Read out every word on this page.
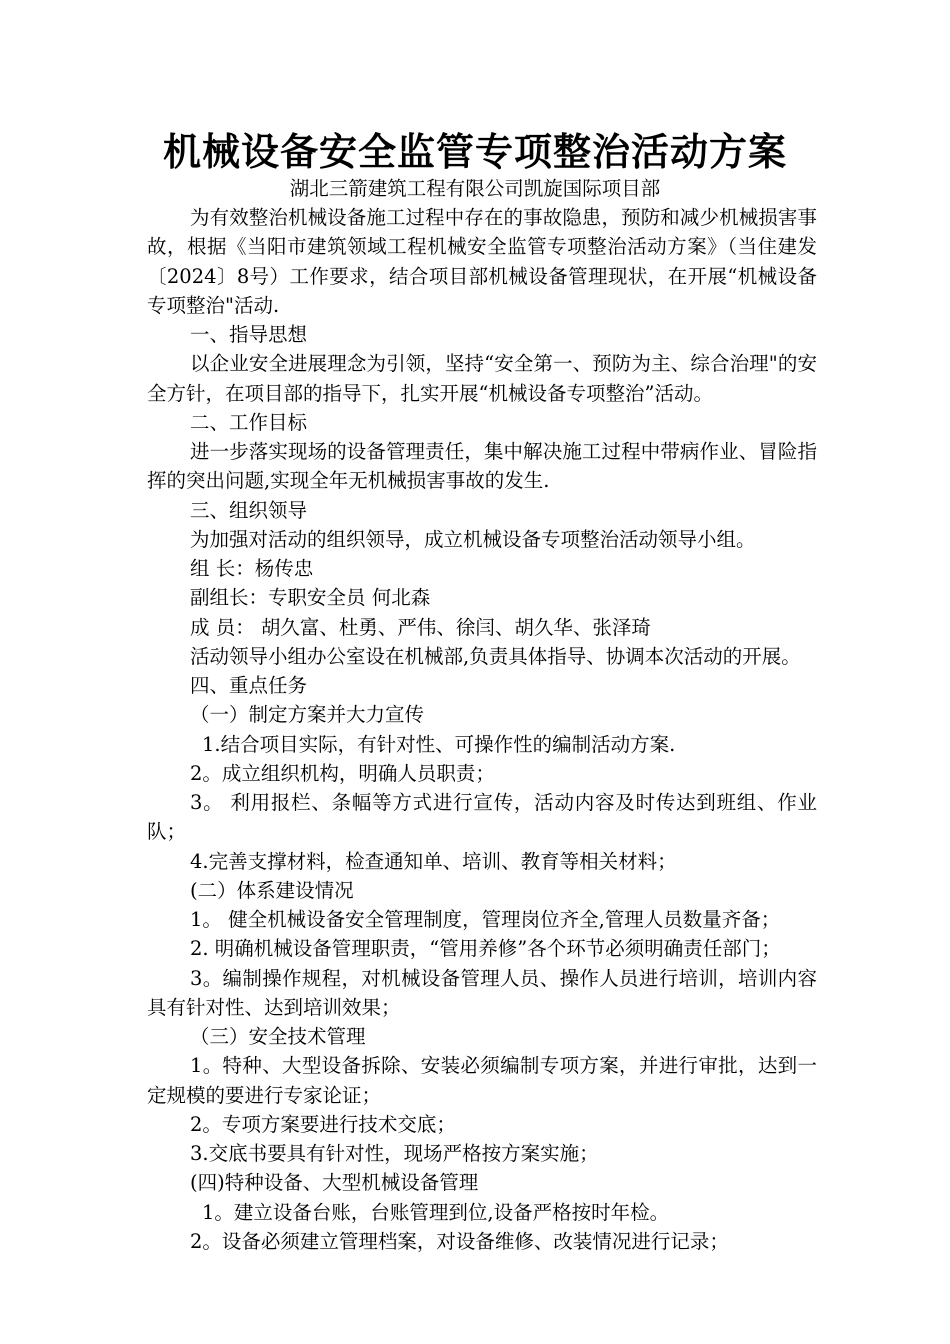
机械设备安全监管专项整治活动方案
湖北三箭建筑工程有限公司凯旋国际项目部

为有效整治机械设备施工过程中存在的事故隐患，预防和减少机械损害事故，根据《当阳市建筑领域工程机械安全监管专项整治活动方案》（当住建发〔2024〕8号）工作要求，结合项目部机械设备管理现状，在开展“机械设备专项整治"活动.

一、指导思想

以企业安全进展理念为引领，坚持“安全第一、预防为主、综合治理"的安全方针，在项目部的指导下，扎实开展“机械设备专项整治”活动。

二、工作目标

进一步落实现场的设备管理责任，集中解决施工过程中带病作业、冒险指挥的突出问题,实现全年无机械损害事故的发生.

三、组织领导

为加强对活动的组织领导，成立机械设备专项整治活动领导小组。

组 长：杨传忠

副组长：专职安全员 何北森

成 员： 胡久富、杜勇、严伟、徐闫、胡久华、张泽琦

活动领导小组办公室设在机械部,负责具体指导、协调本次活动的开展。

四、重点任务

（一）制定方案并大力宣传

1.结合项目实际，有针对性、可操作性的编制活动方案.

2。成立组织机构，明确人员职责；

3。 利用报栏、条幅等方式进行宣传，活动内容及时传达到班组、作业队；

4.完善支撑材料，检查通知单、培训、教育等相关材料；

(二）体系建设情况

1。 健全机械设备安全管理制度，管理岗位齐全,管理人员数量齐备；

2. 明确机械设备管理职责，“管用养修”各个环节必须明确责任部门；

3。编制操作规程，对机械设备管理人员、操作人员进行培训，培训内容具有针对性、达到培训效果；

（三）安全技术管理

1。特种、大型设备拆除、安装必须编制专项方案，并进行审批，达到一定规模的要进行专家论证；

2。专项方案要进行技术交底；

3.交底书要具有针对性，现场严格按方案实施；

(四)特种设备、大型机械设备管理

1。建立设备台账，台账管理到位,设备严格按时年检。

2。设备必须建立管理档案，对设备维修、改装情况进行记录；
